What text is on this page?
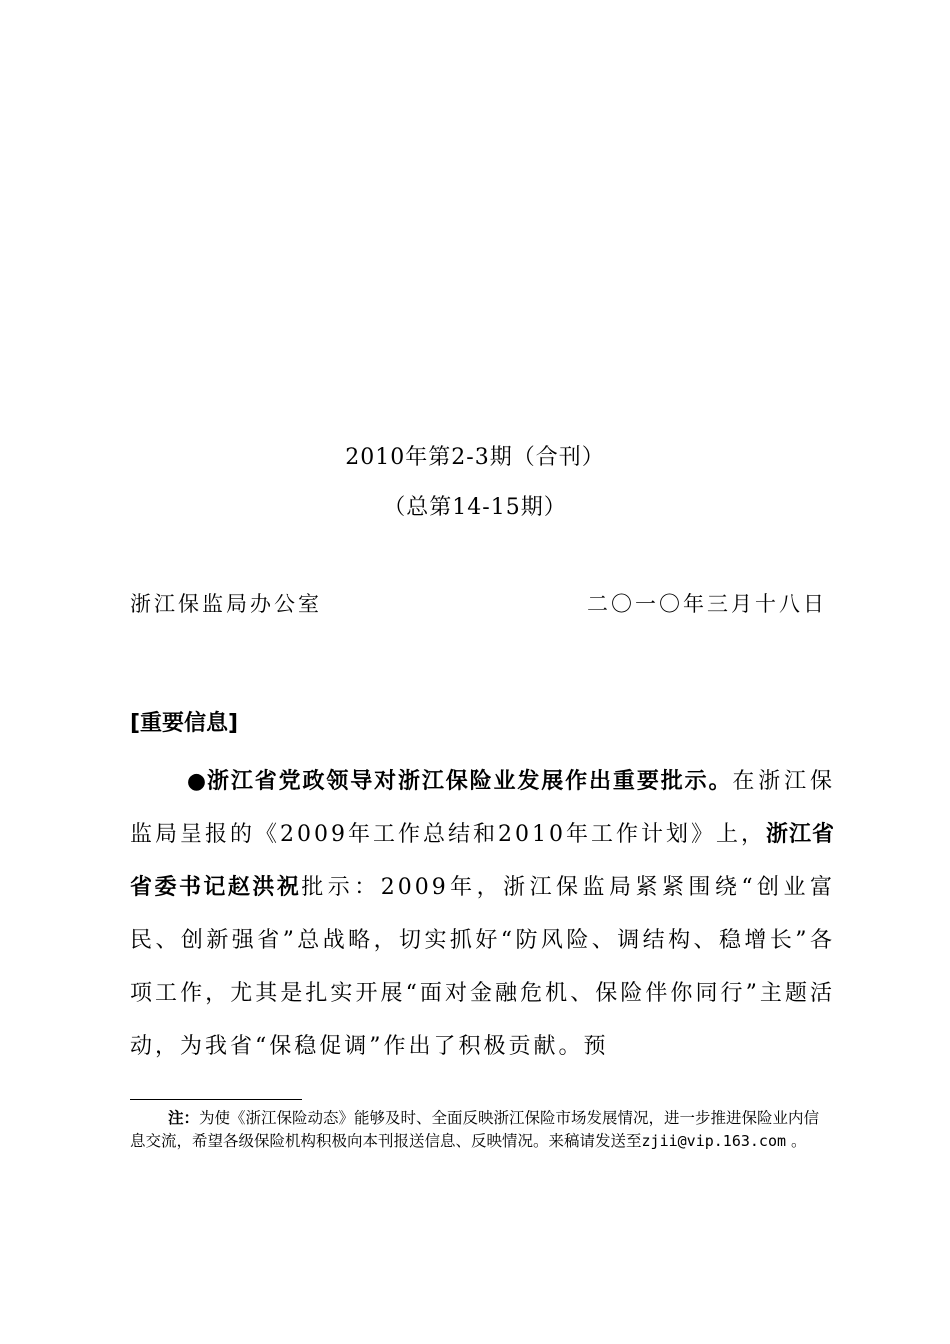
2010年第2-3期（合刊）
（总第14-15期）
浙江保监局办公室	二〇一〇年三月十八日
[重要信息]
●浙江省党政领导对浙江保险业发展作出重要批示。在浙江保监局呈报的《2009年工作总结和2010年工作计划》上，浙江省省委书记赵洪祝批示：2009年，浙江保监局紧紧围绕“创业富民、创新强省”总战略，切实抓好“防风险、调结构、稳增长”各项工作，尤其是扎实开展“面对金融危机、保险伴你同行”主题活动，为我省“保稳促调”作出了积极贡献。预
注：为使《浙江保险动态》能够及时、全面反映浙江保险市场发展情况，进一步推进保险业内信息交流，希望各级保险机构积极向本刊报送信息、反映情况。来稿请发送至zjii@vip.163.com 。
